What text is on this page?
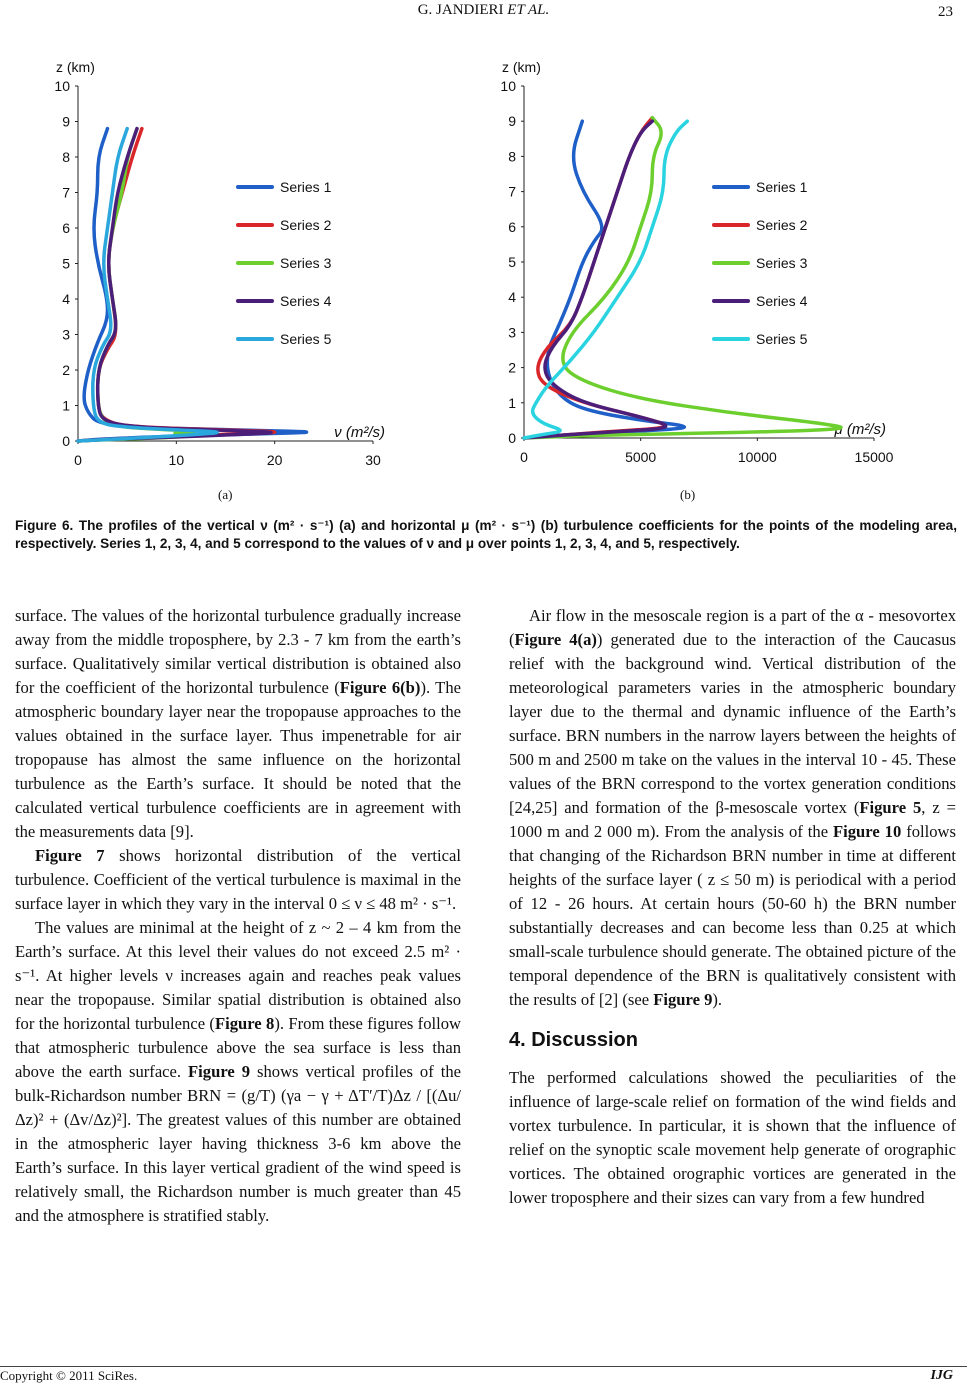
G. JANDIERI ET AL.	23
0
1
2
3
4
5
6
7
8
9
10
0	10	20	30
z (km)
ν (m²/s)
Series 1
Series 2
Series 3
Series 4
Series 5
(a)
0
1
2
3
4
5
6
7
8
9
10
0	5000	10000	15000
z (km)
μ (m²/s)
Series 1
Series 2
Series 3
Series 4
Series 5
(b)
Figure 6. The profiles of the vertical ν (m² · s⁻¹) (a) and horizontal μ (m² · s⁻¹) (b) turbulence coefficients for the points of the modeling area, respectively. Series 1, 2, 3, 4, and 5 correspond to the values of ν and μ over points 1, 2, 3, 4, and 5, respectively.

surface. The values of the horizontal turbulence gradually increase away from the middle troposphere, by 2.3 - 7 km from the earth’s surface. Qualitatively similar vertical distribution is obtained also for the coefficient of the horizontal turbulence (Figure 6(b)). The atmospheric boundary layer near the tropopause approaches to the values obtained in the surface layer. Thus impenetrable for air tropopause has almost the same influence on the horizontal turbulence as the Earth’s surface. It should be noted that the calculated vertical turbulence coefficients are in agreement with the measurements data [9].

Figure 7 shows horizontal distribution of the vertical turbulence. Coefficient of the vertical turbulence is maximal in the surface layer in which they vary in the interval 0 ≤ ν ≤ 48 m² · s⁻¹.

The values are minimal at the height of z ~ 2 – 4 km from the Earth’s surface. At this level their values do not exceed 2.5 m² · s⁻¹. At higher levels ν increases again and reaches peak values near the tropopause. Similar spatial distribution is obtained also for the horizontal turbulence (Figure 8). From these figures follow that atmospheric turbulence above the sea surface is less than above the earth surface. Figure 9 shows vertical profiles of the bulk-Richardson number BRN = (g/T) (γa − γ + ΔT′/T)Δz / [(Δu/Δz)² + (Δv/Δz)²]. The greatest values of this number are obtained in the atmospheric layer having thickness 3-6 km above the Earth’s surface. In this layer vertical gradient of the wind speed is relatively small, the Richardson number is much greater than 45 and the atmosphere is stratified stably.

Air flow in the mesoscale region is a part of the α - mesovortex (Figure 4(a)) generated due to the interaction of the Caucasus relief with the background wind. Vertical distribution of the meteorological parameters varies in the atmospheric boundary layer due to the thermal and dynamic influence of the Earth’s surface. BRN numbers in the narrow layers between the heights of 500 m and 2500 m take on the values in the interval 10 - 45. These values of the BRN correspond to the vortex generation conditions [24,25] and formation of the β-mesoscale vortex (Figure 5, z = 1000 m and 2 000 m). From the analysis of the Figure 10 follows that changing of the Richardson BRN number in time at different heights of the surface layer ( z ≤ 50 m) is periodical with a period of 12 - 26 hours. At certain hours (50-60 h) the BRN number substantially decreases and can become less than 0.25 at which small-scale turbulence should generate. The obtained picture of the temporal dependence of the BRN is qualitatively consistent with the results of [2] (see Figure 9).

4. Discussion

The performed calculations showed the peculiarities of the influence of large-scale relief on formation of the wind fields and vortex turbulence. In particular, it is shown that the influence of relief on the synoptic scale movement help generate of orographic vortices. The obtained orographic vortices are generated in the lower troposphere and their sizes can vary from a few hundred

Copyright © 2011 SciRes.	IJG
